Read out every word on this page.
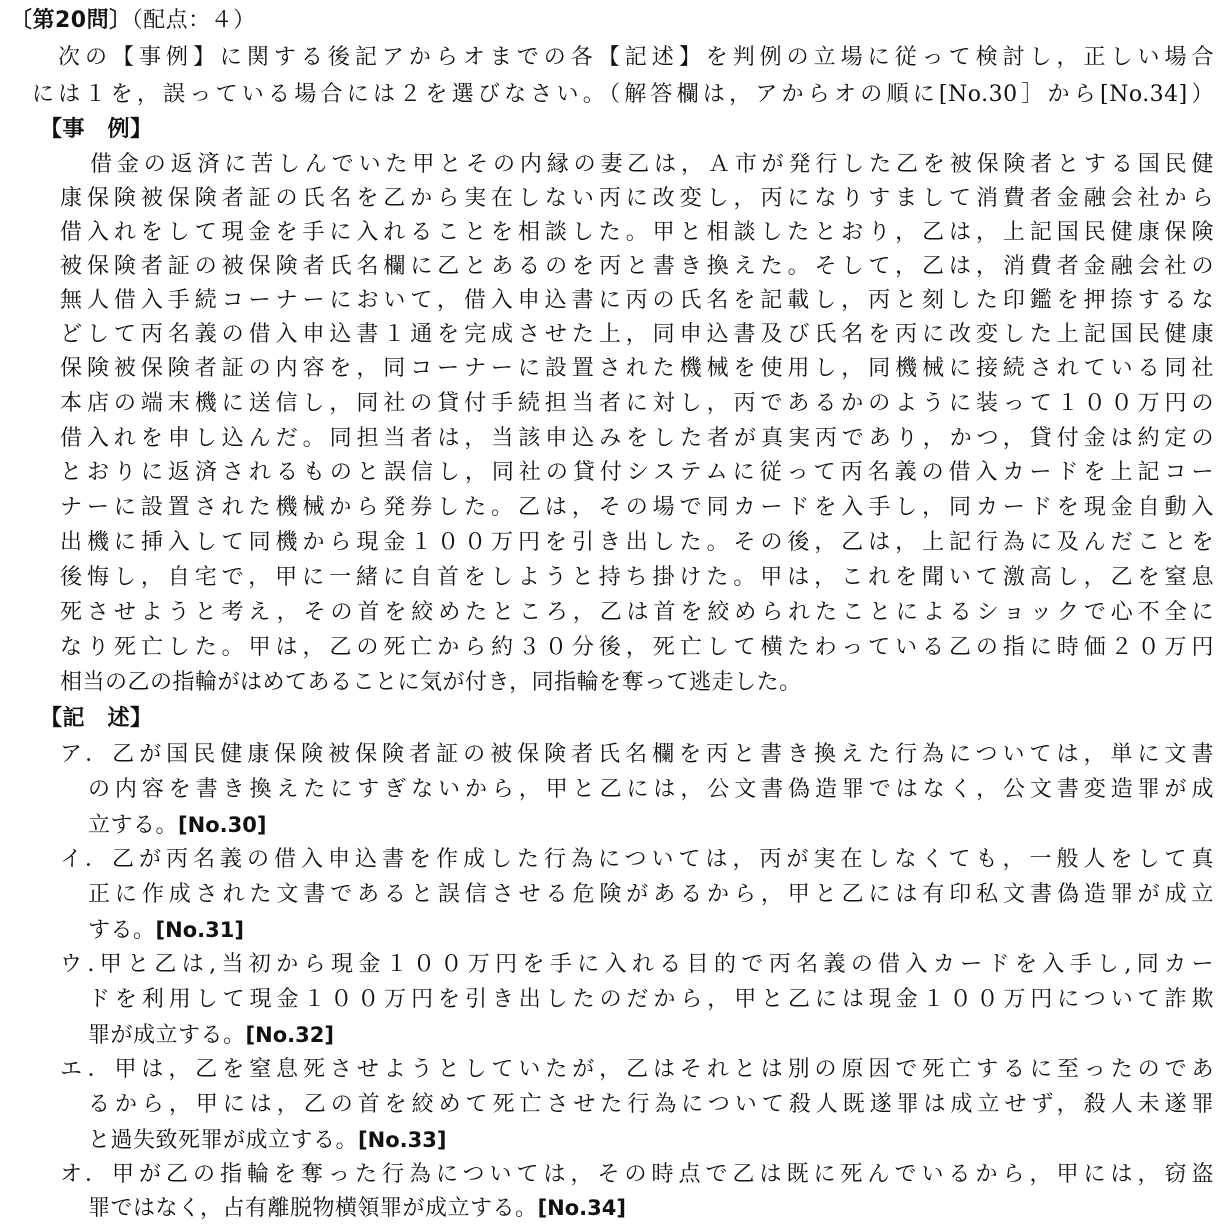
〔第20問〕（配点：４）
次の【事例】に関する後記アからオまでの各【記述】を判例の立場に従って検討し，正しい場合
には１を，誤っている場合には２を選びなさい。（解答欄は，アからオの順に[No.30］から[No.34]）
【事　例】
借金の返済に苦しんでいた甲とその内縁の妻乙は，Ａ市が発行した乙を被保険者とする国民健
康保険被保険者証の氏名を乙から実在しない丙に改変し，丙になりすまして消費者金融会社から
借入れをして現金を手に入れることを相談した。甲と相談したとおり，乙は，上記国民健康保険
被保険者証の被保険者氏名欄に乙とあるのを丙と書き換えた。そして，乙は，消費者金融会社の
無人借入手続コーナーにおいて，借入申込書に丙の氏名を記載し，丙と刻した印鑑を押捺するな
どして丙名義の借入申込書１通を完成させた上，同申込書及び氏名を丙に改変した上記国民健康
保険被保険者証の内容を，同コーナーに設置された機械を使用し，同機械に接続されている同社
本店の端末機に送信し，同社の貸付手続担当者に対し，丙であるかのように装って１００万円の
借入れを申し込んだ。同担当者は，当該申込みをした者が真実丙であり，かつ，貸付金は約定の
とおりに返済されるものと誤信し，同社の貸付システムに従って丙名義の借入カードを上記コー
ナーに設置された機械から発券した。乙は，その場で同カードを入手し，同カードを現金自動入
出機に挿入して同機から現金１００万円を引き出した。その後，乙は，上記行為に及んだことを
後悔し，自宅で，甲に一緒に自首をしようと持ち掛けた。甲は，これを聞いて激高し，乙を窒息
死させようと考え，その首を絞めたところ，乙は首を絞められたことによるショックで心不全に
なり死亡した。甲は，乙の死亡から約３０分後，死亡して横たわっている乙の指に時価２０万円
相当の乙の指輪がはめてあることに気が付き，同指輪を奪って逃走した。
【記　述】
ア．乙が国民健康保険被保険者証の被保険者氏名欄を丙と書き換えた行為については，単に文書
の内容を書き換えたにすぎないから，甲と乙には，公文書偽造罪ではなく，公文書変造罪が成
立する。[No.30]
イ．乙が丙名義の借入申込書を作成した行為については，丙が実在しなくても，一般人をして真
正に作成された文書であると誤信させる危険があるから，甲と乙には有印私文書偽造罪が成立
する。[No.31]
ウ.甲と乙は,当初から現金１００万円を手に入れる目的で丙名義の借入カードを入手し,同カー
ドを利用して現金１００万円を引き出したのだから，甲と乙には現金１００万円について詐欺
罪が成立する。[No.32]
エ．甲は，乙を窒息死させようとしていたが，乙はそれとは別の原因で死亡するに至ったのであ
るから，甲には，乙の首を絞めて死亡させた行為について殺人既遂罪は成立せず，殺人未遂罪
と過失致死罪が成立する。[No.33]
オ．甲が乙の指輪を奪った行為については，その時点で乙は既に死んでいるから，甲には，窃盗
罪ではなく，占有離脱物横領罪が成立する。[No.34]
